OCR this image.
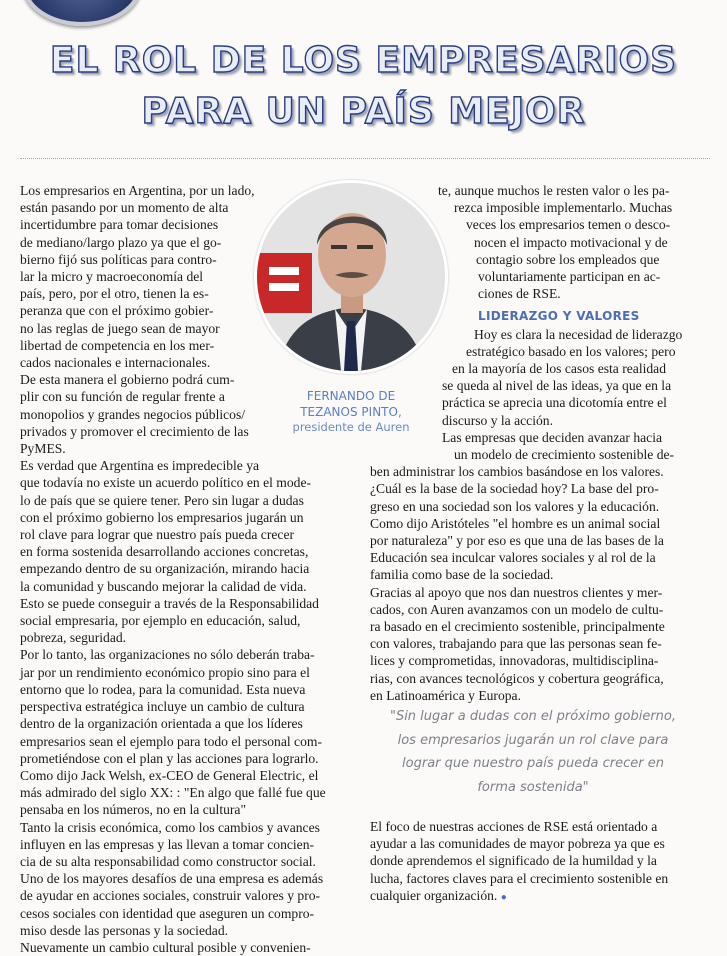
EL ROL DE LOS EMPRESARIOS
PARA UN PAÍS MEJOR

Los empresarios en Argentina, por un lado,

están pasando por un momento de alta

incertidumbre para tomar decisiones

de mediano/largo plazo ya que el go-

bierno fijó sus políticas para contro-

lar la micro y macroeconomía del

país, pero, por el otro, tienen la es-

peranza que con el próximo gobier-

no las reglas de juego sean de mayor

libertad de competencia en los mer-

cados nacionales e internacionales.

De esta manera el gobierno podrá cum-

plir con su función de regular frente a

monopolios y grandes negocios públicos/

privados y promover el crecimiento de las

PyMES.

Es verdad que Argentina es impredecible ya

que todavía no existe un acuerdo político en el mode-

lo de país que se quiere tener. Pero sin lugar a dudas

con el próximo gobierno los empresarios jugarán un

rol clave para lograr que nuestro país pueda crecer

en forma sostenida desarrollando acciones concretas,

empezando dentro de su organización, mirando hacia

la comunidad y buscando mejorar la calidad de vida.

Esto se puede conseguir a través de la Responsabilidad

social empresaria, por ejemplo en educación, salud,

pobreza, seguridad.

Por lo tanto, las organizaciones no sólo deberán traba-

jar por un rendimiento económico propio sino para el

entorno que lo rodea, para la comunidad. Esta nueva

perspectiva estratégica incluye un cambio de cultura

dentro de la organización orientada a que los líderes

empresarios sean el ejemplo para todo el personal com-

prometiéndose con el plan y las acciones para lograrlo.

Como dijo Jack Welsh, ex-CEO de General Electric, el

más admirado del siglo XX: : "En algo que fallé fue que

pensaba en los números, no en la cultura"

Tanto la crisis económica, como los cambios y avances

influyen en las empresas y las llevan a tomar concien-

cia de su alta responsabilidad como constructor social.

Uno de los mayores desafíos de una empresa es además

de ayudar en acciones sociales, construir valores y pro-

cesos sociales con identidad que aseguren un compro-

miso desde las personas y la sociedad.

Nuevamente un cambio cultural posible y convenien-

FERNANDO DE
TEZANOS PINTO,
presidente de Auren

te, aunque muchos le resten valor o les pa-

rezca imposible implementarlo. Muchas

veces los empresarios temen o desco-

nocen el impacto motivacional y de

contagio sobre los empleados que

voluntariamente participan en ac-

ciones de RSE.

LIDERAZGO Y VALORES

Hoy es clara la necesidad de liderazgo

estratégico basado en los valores; pero

en la mayoría de los casos esta realidad

se queda al nivel de las ideas, ya que en la

práctica se aprecia una dicotomía entre el

discurso y la acción.

Las empresas que deciden avanzar hacia

un modelo de crecimiento sostenible de-

ben administrar los cambios basándose en los valores.

¿Cuál es la base de la sociedad hoy? La base del pro-

greso en una sociedad son los valores y la educación.

Como dijo Aristóteles "el hombre es un animal social

por naturaleza" y por eso es que una de las bases de la

Educación sea inculcar valores sociales y al rol de la

familia como base de la sociedad.

Gracias al apoyo que nos dan nuestros clientes y mer-

cados, con Auren avanzamos con un modelo de cultu-

ra basado en el crecimiento sostenible, principalmente

con valores, trabajando para que las personas sean fe-

lices y comprometidas, innovadoras, multidisciplina-

rias, con avances tecnológicos y cobertura geográfica,

en Latinoamérica y Europa.

"Sin lugar a dudas con el próximo gobierno,
los empresarios jugarán un rol clave para
lograr que nuestro país pueda crecer en
forma sostenida"

El foco de nuestras acciones de RSE está orientado a

ayudar a las comunidades de mayor pobreza ya que es

donde aprendemos el significado de la humildad y la

lucha, factores claves para el crecimiento sostenible en

cualquier organización. ●
